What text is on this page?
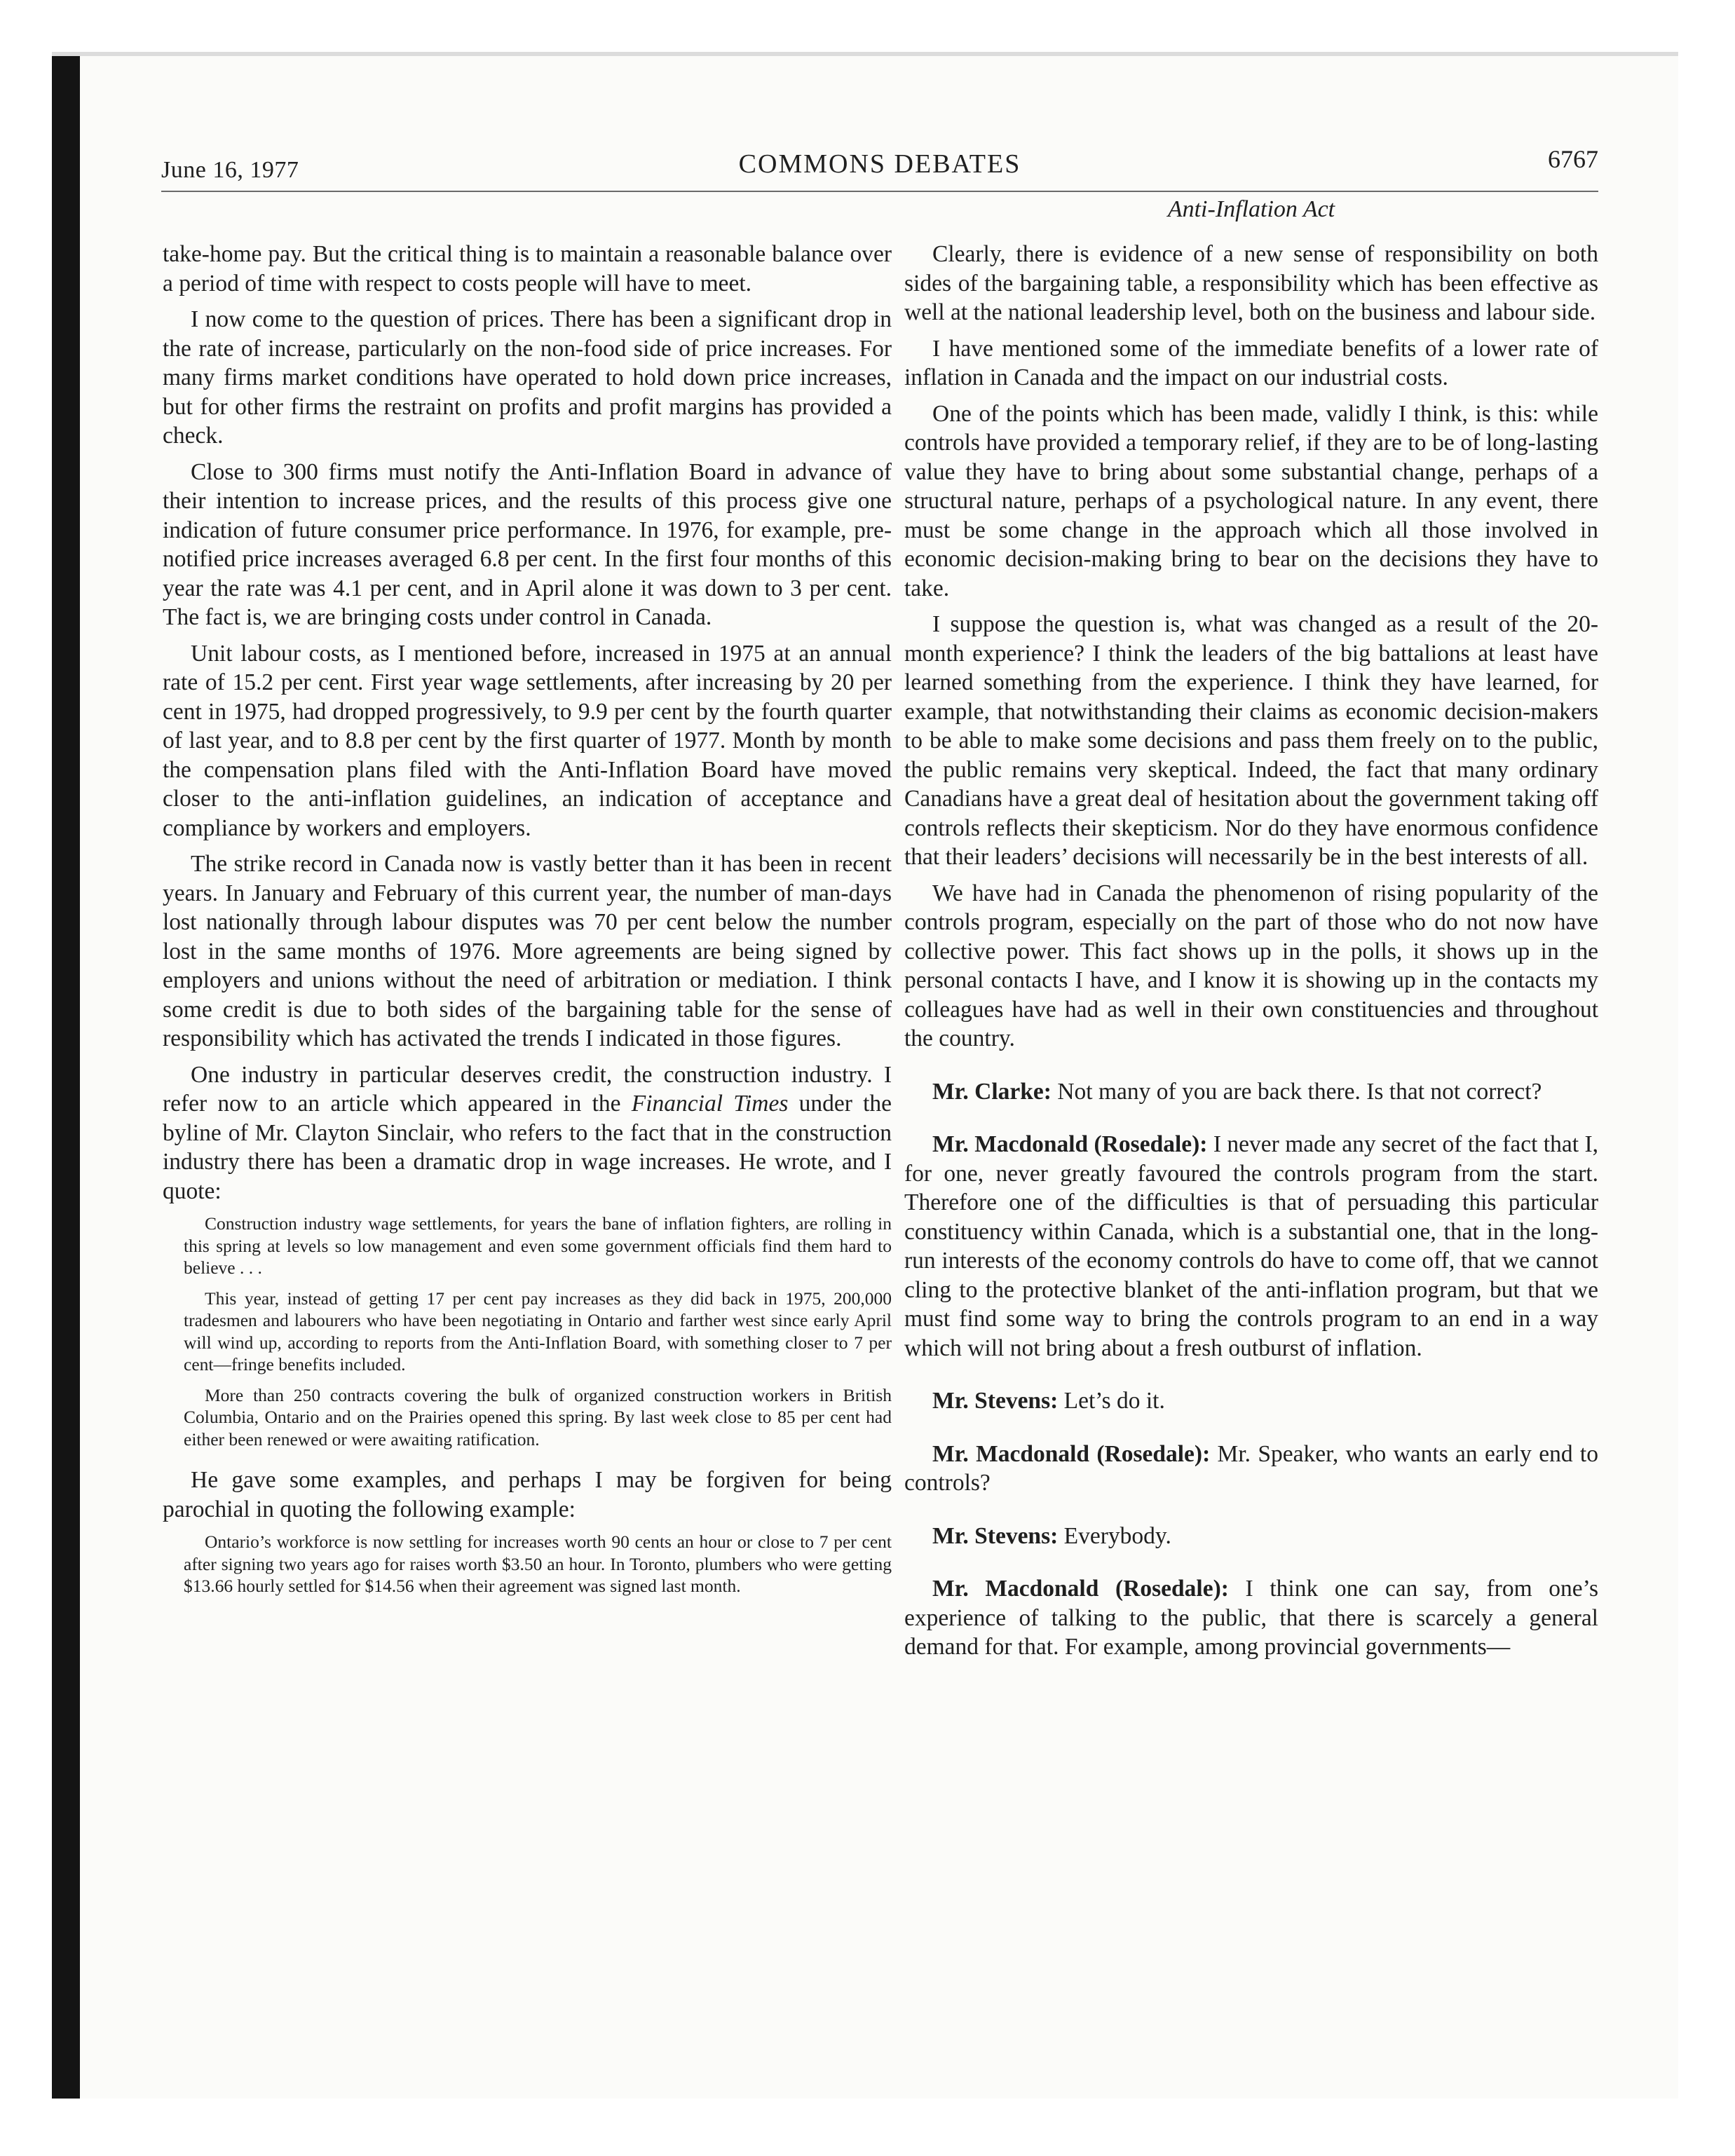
June 16, 1977	COMMONS DEBATES	6767
Anti-Inflation Act

take-home pay. But the critical thing is to maintain a reasonable balance over a period of time with respect to costs people will have to meet.

I now come to the question of prices. There has been a significant drop in the rate of increase, particularly on the non-food side of price increases. For many firms market conditions have operated to hold down price increases, but for other firms the restraint on profits and profit margins has provided a check.

Close to 300 firms must notify the Anti-Inflation Board in advance of their intention to increase prices, and the results of this process give one indication of future consumer price performance. In 1976, for example, pre-notified price increases averaged 6.8 per cent. In the first four months of this year the rate was 4.1 per cent, and in April alone it was down to 3 per cent. The fact is, we are bringing costs under control in Canada.

Unit labour costs, as I mentioned before, increased in 1975 at an annual rate of 15.2 per cent. First year wage settlements, after increasing by 20 per cent in 1975, had dropped progressively, to 9.9 per cent by the fourth quarter of last year, and to 8.8 per cent by the first quarter of 1977. Month by month the compensation plans filed with the Anti-Inflation Board have moved closer to the anti-inflation guidelines, an indication of acceptance and compliance by workers and employers.

The strike record in Canada now is vastly better than it has been in recent years. In January and February of this current year, the number of man-days lost nationally through labour disputes was 70 per cent below the number lost in the same months of 1976. More agreements are being signed by employers and unions without the need of arbitration or mediation. I think some credit is due to both sides of the bargaining table for the sense of responsibility which has activated the trends I indicated in those figures.

One industry in particular deserves credit, the construction industry. I refer now to an article which appeared in the Financial Times under the byline of Mr. Clayton Sinclair, who refers to the fact that in the construction industry there has been a dramatic drop in wage increases. He wrote, and I quote:

Construction industry wage settlements, for years the bane of inflation fighters, are rolling in this spring at levels so low management and even some government officials find them hard to believe . . .
This year, instead of getting 17 per cent pay increases as they did back in 1975, 200,000 tradesmen and labourers who have been negotiating in Ontario and farther west since early April will wind up, according to reports from the Anti-Inflation Board, with something closer to 7 per cent—fringe benefits included.
More than 250 contracts covering the bulk of organized construction workers in British Columbia, Ontario and on the Prairies opened this spring. By last week close to 85 per cent had either been renewed or were awaiting ratification.

He gave some examples, and perhaps I may be forgiven for being parochial in quoting the following example:

Ontario’s workforce is now settling for increases worth 90 cents an hour or close to 7 per cent after signing two years ago for raises worth $3.50 an hour. In Toronto, plumbers who were getting $13.66 hourly settled for $14.56 when their agreement was signed last month.

Clearly, there is evidence of a new sense of responsibility on both sides of the bargaining table, a responsibility which has been effective as well at the national leadership level, both on the business and labour side.

I have mentioned some of the immediate benefits of a lower rate of inflation in Canada and the impact on our industrial costs.

One of the points which has been made, validly I think, is this: while controls have provided a temporary relief, if they are to be of long-lasting value they have to bring about some substantial change, perhaps of a structural nature, perhaps of a psychological nature. In any event, there must be some change in the approach which all those involved in economic decision-making bring to bear on the decisions they have to take.

I suppose the question is, what was changed as a result of the 20-month experience? I think the leaders of the big battalions at least have learned something from the experience. I think they have learned, for example, that notwithstanding their claims as economic decision-makers to be able to make some decisions and pass them freely on to the public, the public remains very skeptical. Indeed, the fact that many ordinary Canadians have a great deal of hesitation about the government taking off controls reflects their skepticism. Nor do they have enormous confidence that their leaders’ decisions will necessarily be in the best interests of all.

We have had in Canada the phenomenon of rising popularity of the controls program, especially on the part of those who do not now have collective power. This fact shows up in the polls, it shows up in the personal contacts I have, and I know it is showing up in the contacts my colleagues have had as well in their own constituencies and throughout the country.

Mr. Clarke: Not many of you are back there. Is that not correct?

Mr. Macdonald (Rosedale): I never made any secret of the fact that I, for one, never greatly favoured the controls program from the start. Therefore one of the difficulties is that of persuading this particular constituency within Canada, which is a substantial one, that in the long-run interests of the economy controls do have to come off, that we cannot cling to the protective blanket of the anti-inflation program, but that we must find some way to bring the controls program to an end in a way which will not bring about a fresh outburst of inflation.

Mr. Stevens: Let’s do it.

Mr. Macdonald (Rosedale): Mr. Speaker, who wants an early end to controls?

Mr. Stevens: Everybody.

Mr. Macdonald (Rosedale): I think one can say, from one’s experience of talking to the public, that there is scarcely a general demand for that. For example, among provincial governments—
